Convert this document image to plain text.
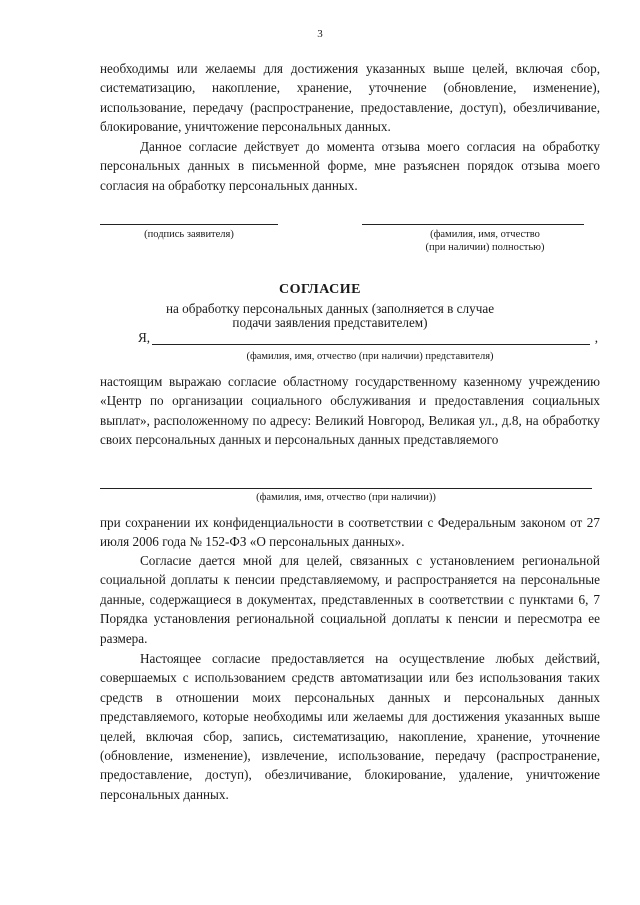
3

необходимы или желаемы для достижения указанных выше целей, включая сбор, систематизацию, накопление, хранение, уточнение (обновление, изменение), использование, передачу (распространение, предоставление, доступ), обезличивание, блокирование, уничтожение персональных данных.

Данное согласие действует до момента отзыва моего согласия на обработку персональных данных в письменной форме, мне разъяснен порядок отзыва моего согласия на обработку персональных данных.

(подпись заявителя)	(фамилия, имя, отчество
(при наличии) полностью)
СОГЛАСИЕ
на обработку персональных данных (заполняется в случае
подачи заявления представителем)
Я,	,
(фамилия, имя, отчество (при наличии) представителя)

настоящим выражаю согласие областному государственному казенному учреждению «Центр по организации социального обслуживания и предоставления социальных выплат», расположенному по адресу: Великий Новгород, Великая ул., д.8, на обработку своих персональных данных и персональных данных представляемого

(фамилия, имя, отчество (при наличии))

при сохранении их конфиденциальности в соответствии с Федеральным законом от 27 июля 2006 года № 152-ФЗ «О персональных данных».

Согласие дается мной для целей, связанных с установлением региональной социальной доплаты к пенсии представляемому, и распространяется на персональные данные, содержащиеся в документах, представленных в соответствии с пунктами 6, 7 Порядка установления региональной социальной доплаты к пенсии и пересмотра ее размера.

Настоящее согласие предоставляется на осуществление любых действий, совершаемых с использованием средств автоматизации или без использования таких средств в отношении моих персональных данных и персональных данных представляемого, которые необходимы или желаемы для достижения указанных выше целей, включая сбор, запись, систематизацию, накопление, хранение, уточнение (обновление, изменение), извлечение, использование, передачу (распространение, предоставление, доступ), обезличивание, блокирование, удаление, уничтожение персональных данных.
